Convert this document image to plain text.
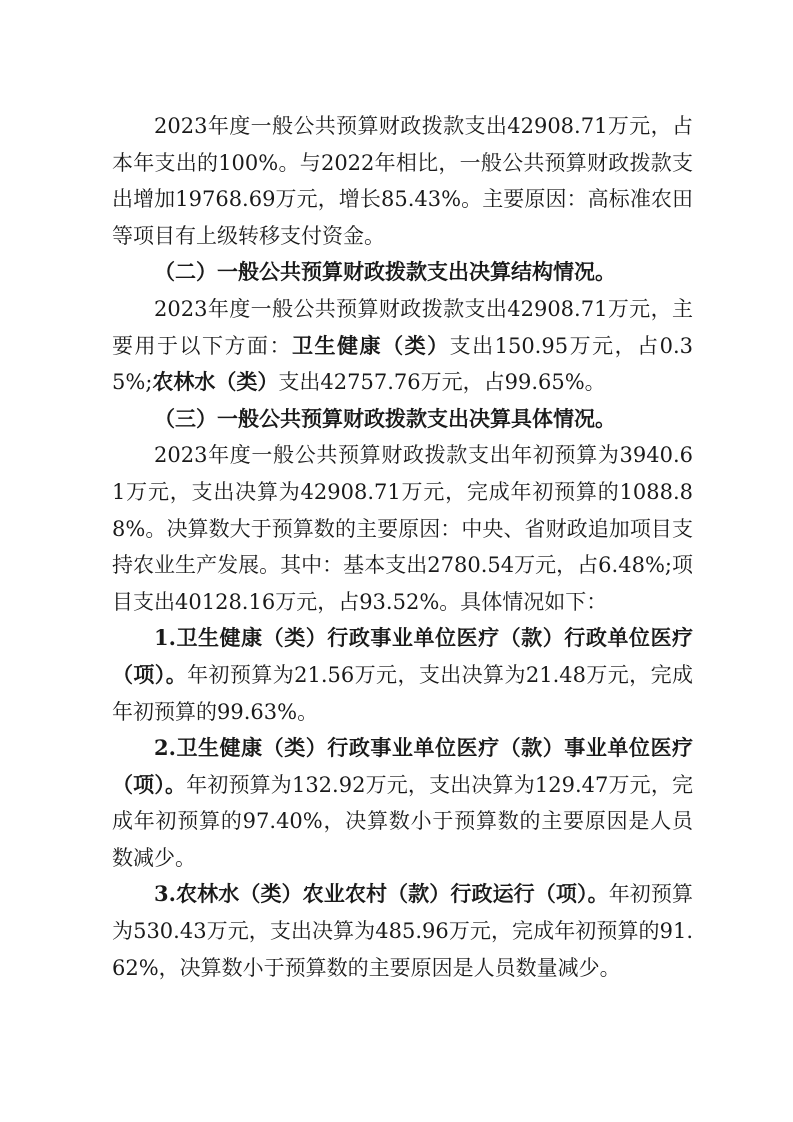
2023年度一般公共预算财政拨款支出42908.71万元，占本年支出的100%。与2022年相比，一般公共预算财政拨款支出增加19768.69万元，增长85.43%。主要原因：高标准农田等项目有上级转移支付资金。

（二）一般公共预算财政拨款支出决算结构情况。

2023年度一般公共预算财政拨款支出42908.71万元，主要用于以下方面：卫生健康（类）支出150.95万元，占0.35%;农林水（类）支出42757.76万元，占99.65%。

（三）一般公共预算财政拨款支出决算具体情况。

2023年度一般公共预算财政拨款支出年初预算为3940.61万元，支出决算为42908.71万元，完成年初预算的1088.88%。决算数大于预算数的主要原因：中央、省财政追加项目支持农业生产发展。其中：基本支出2780.54万元，占6.48%;项目支出40128.16万元，占93.52%。具体情况如下：

1.卫生健康（类）行政事业单位医疗（款）行政单位医疗（项）。年初预算为21.56万元，支出决算为21.48万元，完成年初预算的99.63%。

2.卫生健康（类）行政事业单位医疗（款）事业单位医疗（项）。年初预算为132.92万元，支出决算为129.47万元，完成年初预算的97.40%，决算数小于预算数的主要原因是人员数减少。

3.农林水（类）农业农村（款）行政运行（项）。年初预算为530.43万元，支出决算为485.96万元，完成年初预算的91.62%，决算数小于预算数的主要原因是人员数量减少。
